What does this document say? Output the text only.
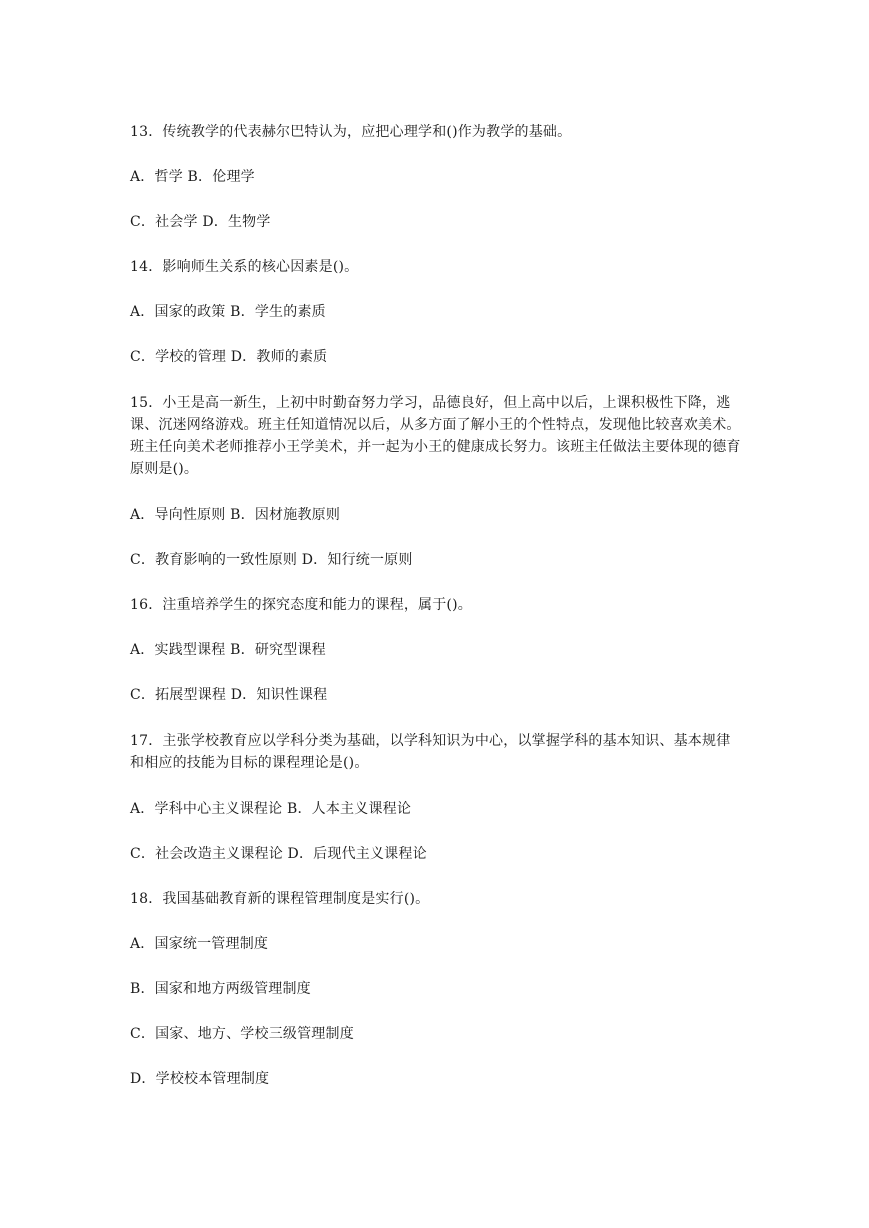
13．传统教学的代表赫尔巴特认为，应把心理学和()作为教学的基础。

A．哲学 B．伦理学

C．社会学 D．生物学

14．影响师生关系的核心因素是()。

A．国家的政策 B．学生的素质

C．学校的管理 D．教师的素质

15．小王是高一新生，上初中时勤奋努力学习，品德良好，但上高中以后，上课积极性下降，逃课、沉迷网络游戏。班主任知道情况以后，从多方面了解小王的个性特点，发现他比较喜欢美术。班主任向美术老师推荐小王学美术，并一起为小王的健康成长努力。该班主任做法主要体现的德育原则是()。

A．导向性原则 B．因材施教原则

C．教育影响的一致性原则 D．知行统一原则

16．注重培养学生的探究态度和能力的课程，属于()。

A．实践型课程 B．研究型课程

C．拓展型课程 D．知识性课程

17．主张学校教育应以学科分类为基础，以学科知识为中心，以掌握学科的基本知识、基本规律和相应的技能为目标的课程理论是()。

A．学科中心主义课程论 B．人本主义课程论

C．社会改造主义课程论 D．后现代主义课程论

18．我国基础教育新的课程管理制度是实行()。

A．国家统一管理制度

B．国家和地方两级管理制度

C．国家、地方、学校三级管理制度

D．学校校本管理制度
